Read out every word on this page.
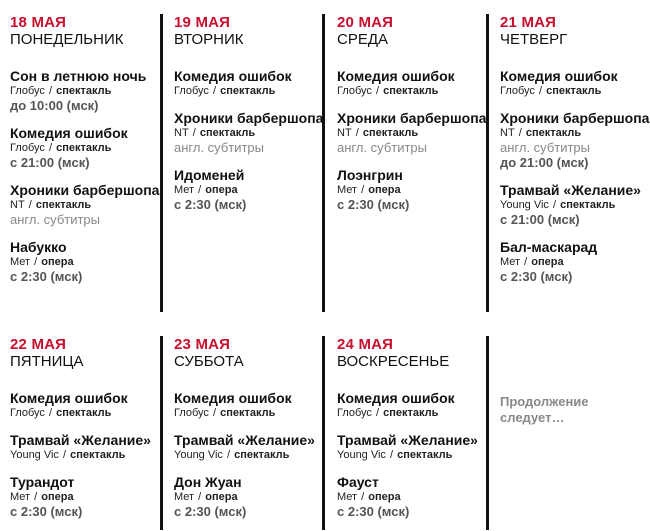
18 МАЯ
ПОНЕДЕЛЬНИК
Сон в летнюю ночь
Глобус / спектакль
до 10:00 (мск)
Комедия ошибок
Глобус / спектакль
с 21:00 (мск)
Хроники барбершопа
NT / спектакль
англ. субтитры
Набукко
Мет / опера
с 2:30 (мск)
19 МАЯ
ВТОРНИК
Комедия ошибок
Глобус / спектакль
Хроники барбершопа
NT / спектакль
англ. субтитры
Идоменей
Мет / опера
с 2:30 (мск)
20 МАЯ
СРЕДА
Комедия ошибок
Глобус / спектакль
Хроники барбершопа
NT / спектакль
англ. субтитры
Лоэнгрин
Мет / опера
с 2:30 (мск)
21 МАЯ
ЧЕТВЕРГ
Комедия ошибок
Глобус / спектакль
Хроники барбершопа
NT / спектакль
англ. субтитры
до 21:00 (мск)
Трамвай «Желание»
Young Vic / спектакль
с 21:00 (мск)
Бал-маскарад
Мет / опера
с 2:30 (мск)
22 МАЯ
ПЯТНИЦА
Комедия ошибок
Глобус / спектакль
Трамвай «Желание»
Young Vic / спектакль
Турандот
Мет / опера
с 2:30 (мск)
23 МАЯ
СУББОТА
Комедия ошибок
Глобус / спектакль
Трамвай «Желание»
Young Vic / спектакль
Дон Жуан
Мет / опера
с 2:30 (мск)
24 МАЯ
ВОСКРЕСЕНЬЕ
Комедия ошибок
Глобус / спектакль
Трамвай «Желание»
Young Vic / спектакль
Фауст
Мет / опера
с 2:30 (мск)
Продолжение следует…
